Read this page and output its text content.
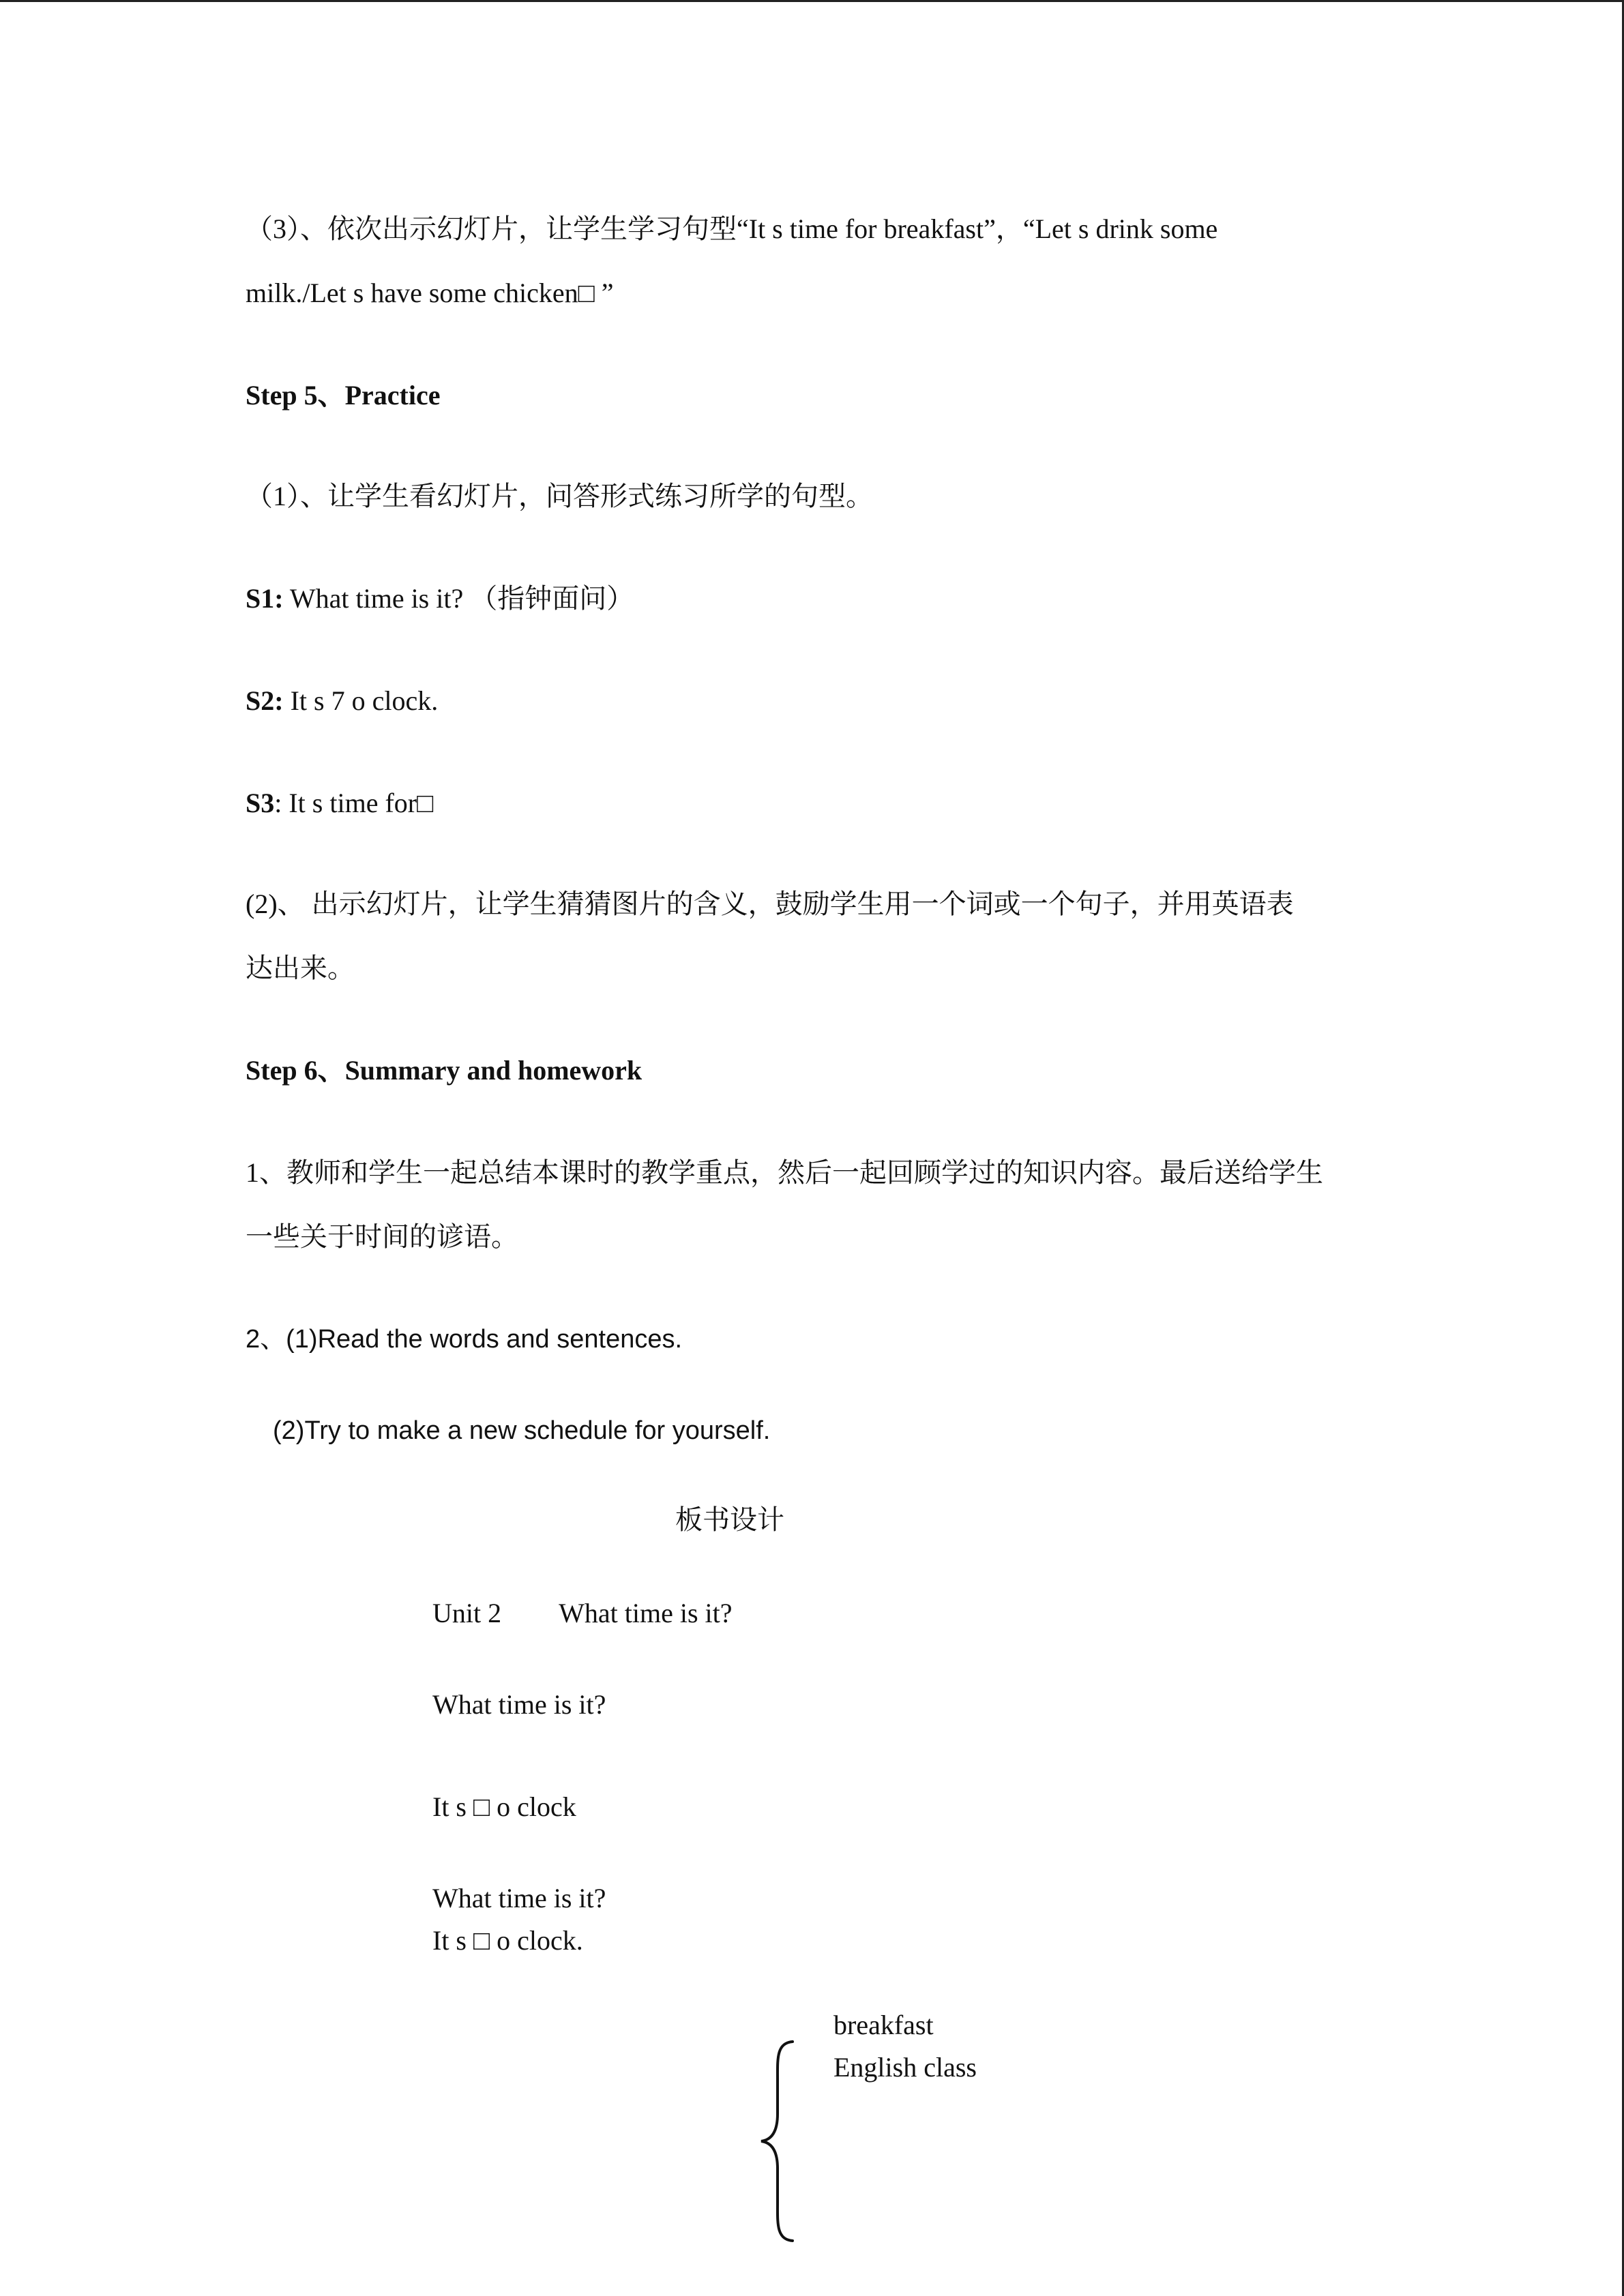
（3）、依次出示幻灯片，让学生学习句型“It s time for breakfast”，“Let s drink some
milk./Let s have some chicken□ ”
Step 5、Practice
（1）、让学生看幻灯片，问答形式练习所学的句型。
S1: What time is it? （指钟面问）
S2: It s 7 o clock.
S3: It s time for□
(2)、 出示幻灯片，让学生猜猜图片的含义，鼓励学生用一个词或一个句子，并用英语表
达出来。
Step 6、Summary and homework
1、教师和学生一起总结本课时的教学重点，然后一起回顾学过的知识内容。最后送给学生
一些关于时间的谚语。
2、(1)Read the words and sentences.
(2)Try to make a new schedule for yourself.
板书设计
Unit 2 What time is it?
What time is it?
It s □ o clock
What time is it?
It s □ o clock.
breakfast
English class
